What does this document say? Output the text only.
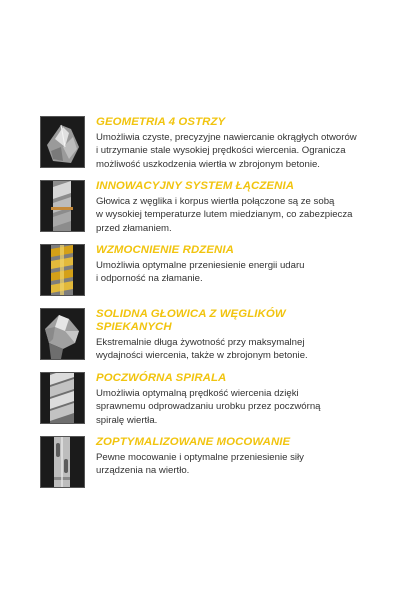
GEOMETRIA 4 OSTRZY

Umożliwia czyste, precyzyjne nawiercanie okrągłych otworów
i utrzymanie stale wysokiej prędkości wiercenia. Ogranicza
możliwość uszkodzenia wiertła w zbrojonym betonie.

INNOWACYJNY SYSTEM ŁĄCZENIA

Głowica z węglika i korpus wiertła połączone są ze sobą
w wysokiej temperaturze lutem miedzianym, co zabezpiecza
przed złamaniem.

WZMOCNIENIE RDZENIA

Umożliwia optymalne przeniesienie energii udaru
i odporność na złamanie.

SOLIDNA GŁOWICA Z WĘGLIKÓW
SPIEKANYCH

Ekstremalnie długa żywotność przy maksymalnej
wydajności wiercenia, także w zbrojonym betonie.

POCZWÓRNA SPIRALA

Umożliwia optymalną prędkość wiercenia dzięki
sprawnemu odprowadzaniu urobku przez poczwórną
spiralę wiertła.

ZOPTYMALIZOWANE MOCOWANIE

Pewne mocowanie i optymalne przeniesienie siły
urządzenia na wiertło.
